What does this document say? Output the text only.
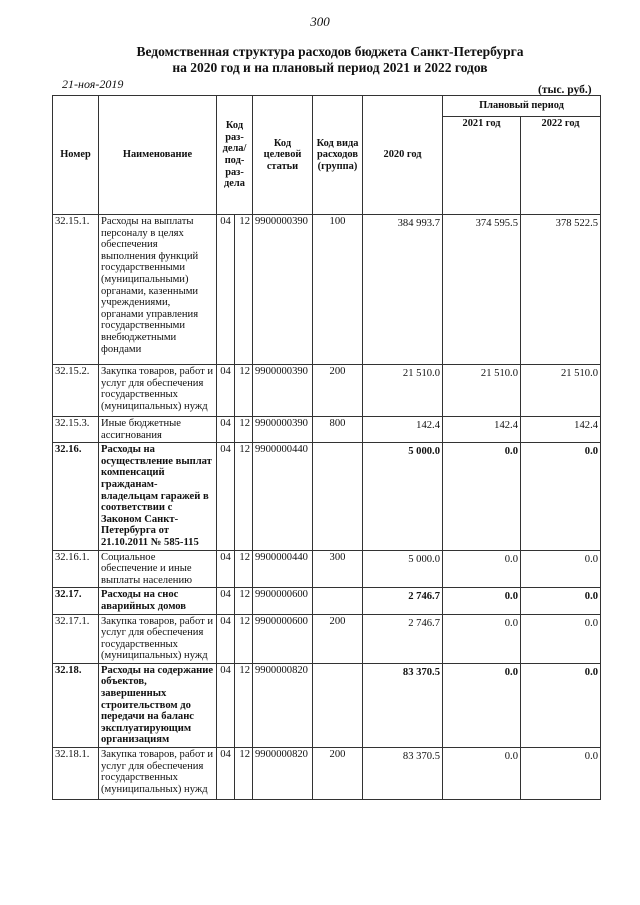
300
Ведомственная структура расходов бюджета Санкт-Петербурга
на 2020 год и на плановый период 2021 и 2022 годов
21-ноя-2019	(тыс. руб.)
Номер	Наименование	Код раз- дела/ под- раз- дела		Код целевой статьи	Код вида расходов (группа)	2020 год	Плановый период	
							2021 год	2022 год
32.15.1.	Расходы на выплаты персоналу в целях обеспечения выполнения функций государственными (муниципальными) органами, казенными учреждениями, органами управления государственными внебюджетными фондами	04	12	9900000390	100	384 993.7	374 595.5	378 522.5
32.15.2.	Закупка товаров, работ и услуг для обеспечения государственных (муниципальных) нужд	04	12	9900000390	200	21 510.0	21 510.0	21 510.0
32.15.3.	Иные бюджетные ассигнования	04	12	9900000390	800	142.4	142.4	142.4
32.16.	Расходы на осуществление выплат компенсаций гражданам-владельцам гаражей в соответствии с Законом Санкт-Петербурга от 21.10.2011 № 585-115	04	12	9900000440		5 000.0	0.0	0.0
32.16.1.	Социальное обеспечение и иные выплаты населению	04	12	9900000440	300	5 000.0	0.0	0.0
32.17.	Расходы на снос аварийных домов	04	12	9900000600		2 746.7	0.0	0.0
32.17.1.	Закупка товаров, работ и услуг для обеспечения государственных (муниципальных) нужд	04	12	9900000600	200	2 746.7	0.0	0.0
32.18.	Расходы на содержание объектов, завершенных строительством до передачи на баланс эксплуатирующим организациям	04	12	9900000820		83 370.5	0.0	0.0
32.18.1.	Закупка товаров, работ и услуг для обеспечения государственных (муниципальных) нужд	04	12	9900000820	200	83 370.5	0.0	0.0
